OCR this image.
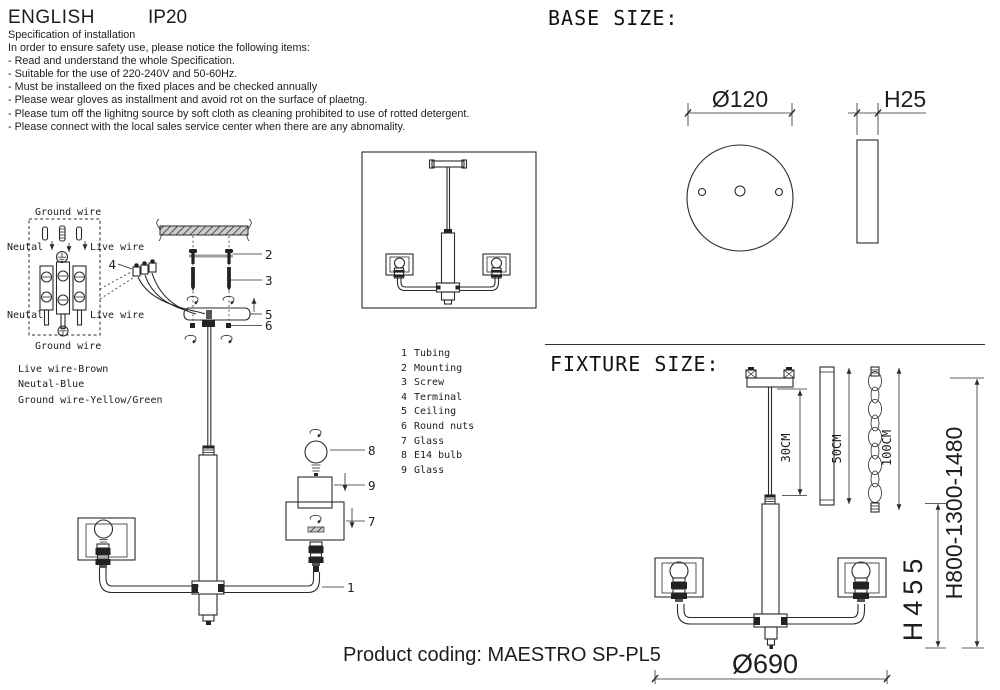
ENGLISH	IP20
Specification of installation
In order to ensure safety use, please notice the following items:
- Read and understand the whole Specification.
- Suitable for the use of 220-240V and 50-60Hz.
- Must be installeed on the fixed places and be checked annually
- Please wear gloves as installment and avoid rot on the surface of plaetng.
- Please tum off the lighitng source by soft cloth as cleaning prohibited to use of rotted detergent.
- Please connect with the local sales service center when there are any abnomality.
Ground wire
Neutal	Live wire
Neutal	Live wire
Ground wire
Live wire-Brown
Neutal-Blue
Ground wire-Yellow/Green
4
2
3
5
6
8
9
7
1
1 Tubing
2 Mounting
3 Screw
4 Terminal
5 Ceiling
6 Round nuts
7 Glass
8 E14 bulb
9 Glass
BASE SIZE:
FIXTURE SIZE:
Ø120	H25
30CM	50CM	100CM
H455 H800-1300-1480
Ø690
Product coding: MAESTRO SP-PL5
